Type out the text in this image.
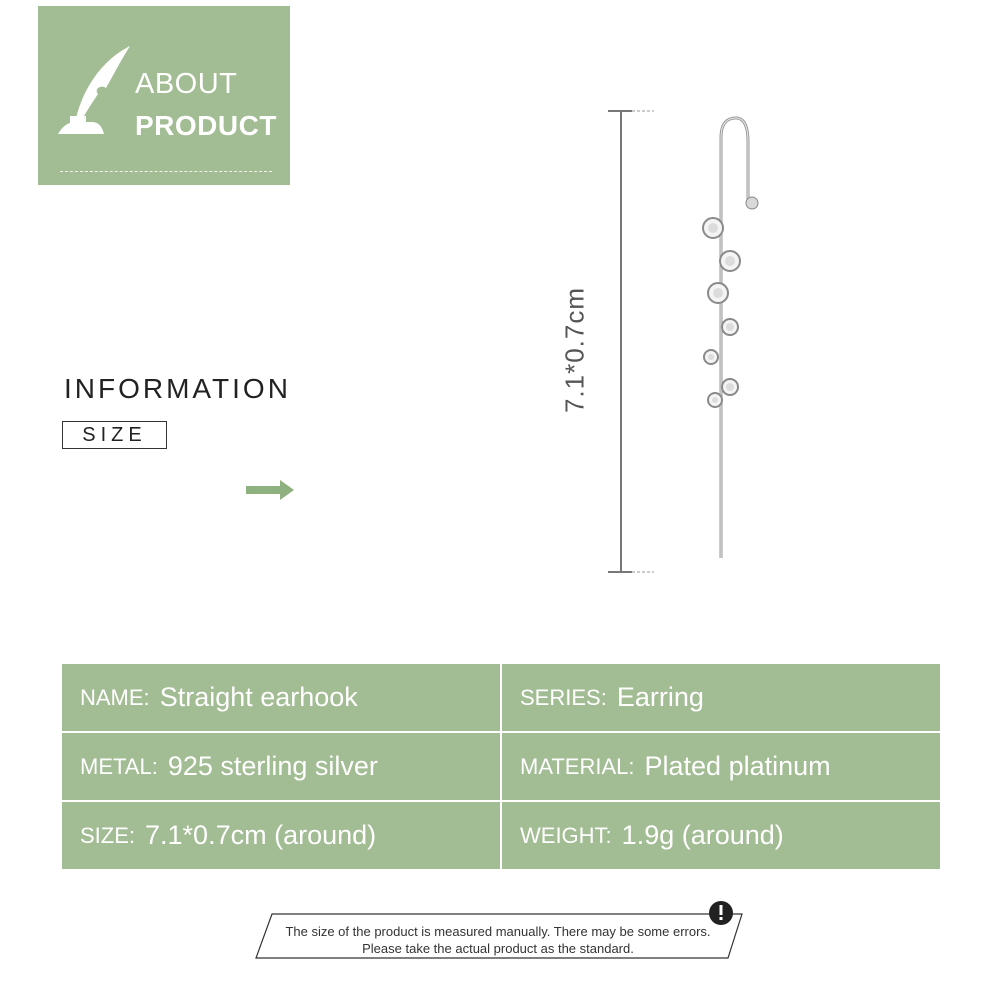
ABOUT
PRODUCT
INFORMATION
SIZE
7.1*0.7cm
NAME: Straight earhook	SERIES: Earring
METAL: 925 sterling silver	MATERIAL: Plated platinum
SIZE: 7.1*0.7cm (around)	WEIGHT: 1.9g (around)
The size of the product is measured manually. There may be some errors.
Please take the actual product as the standard.
